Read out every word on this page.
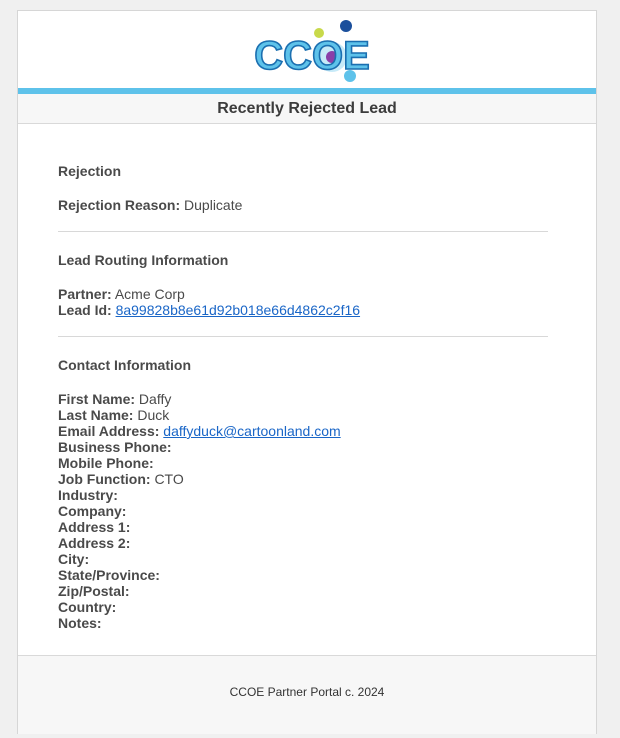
CCOE
Recently Rejected Lead
Rejection
Rejection Reason: Duplicate
Lead Routing Information
Partner: Acme Corp
Lead Id: 8a99828b8e61d92b018e66d4862c2f16
Contact Information
First Name: Daffy
Last Name: Duck
Email Address: daffyduck@cartoonland.com
Business Phone:
Mobile Phone:
Job Function: CTO
Industry:
Company:
Address 1:
Address 2:
City:
State/Province:
Zip/Postal:
Country:
Notes:
CCOE Partner Portal c. 2024
